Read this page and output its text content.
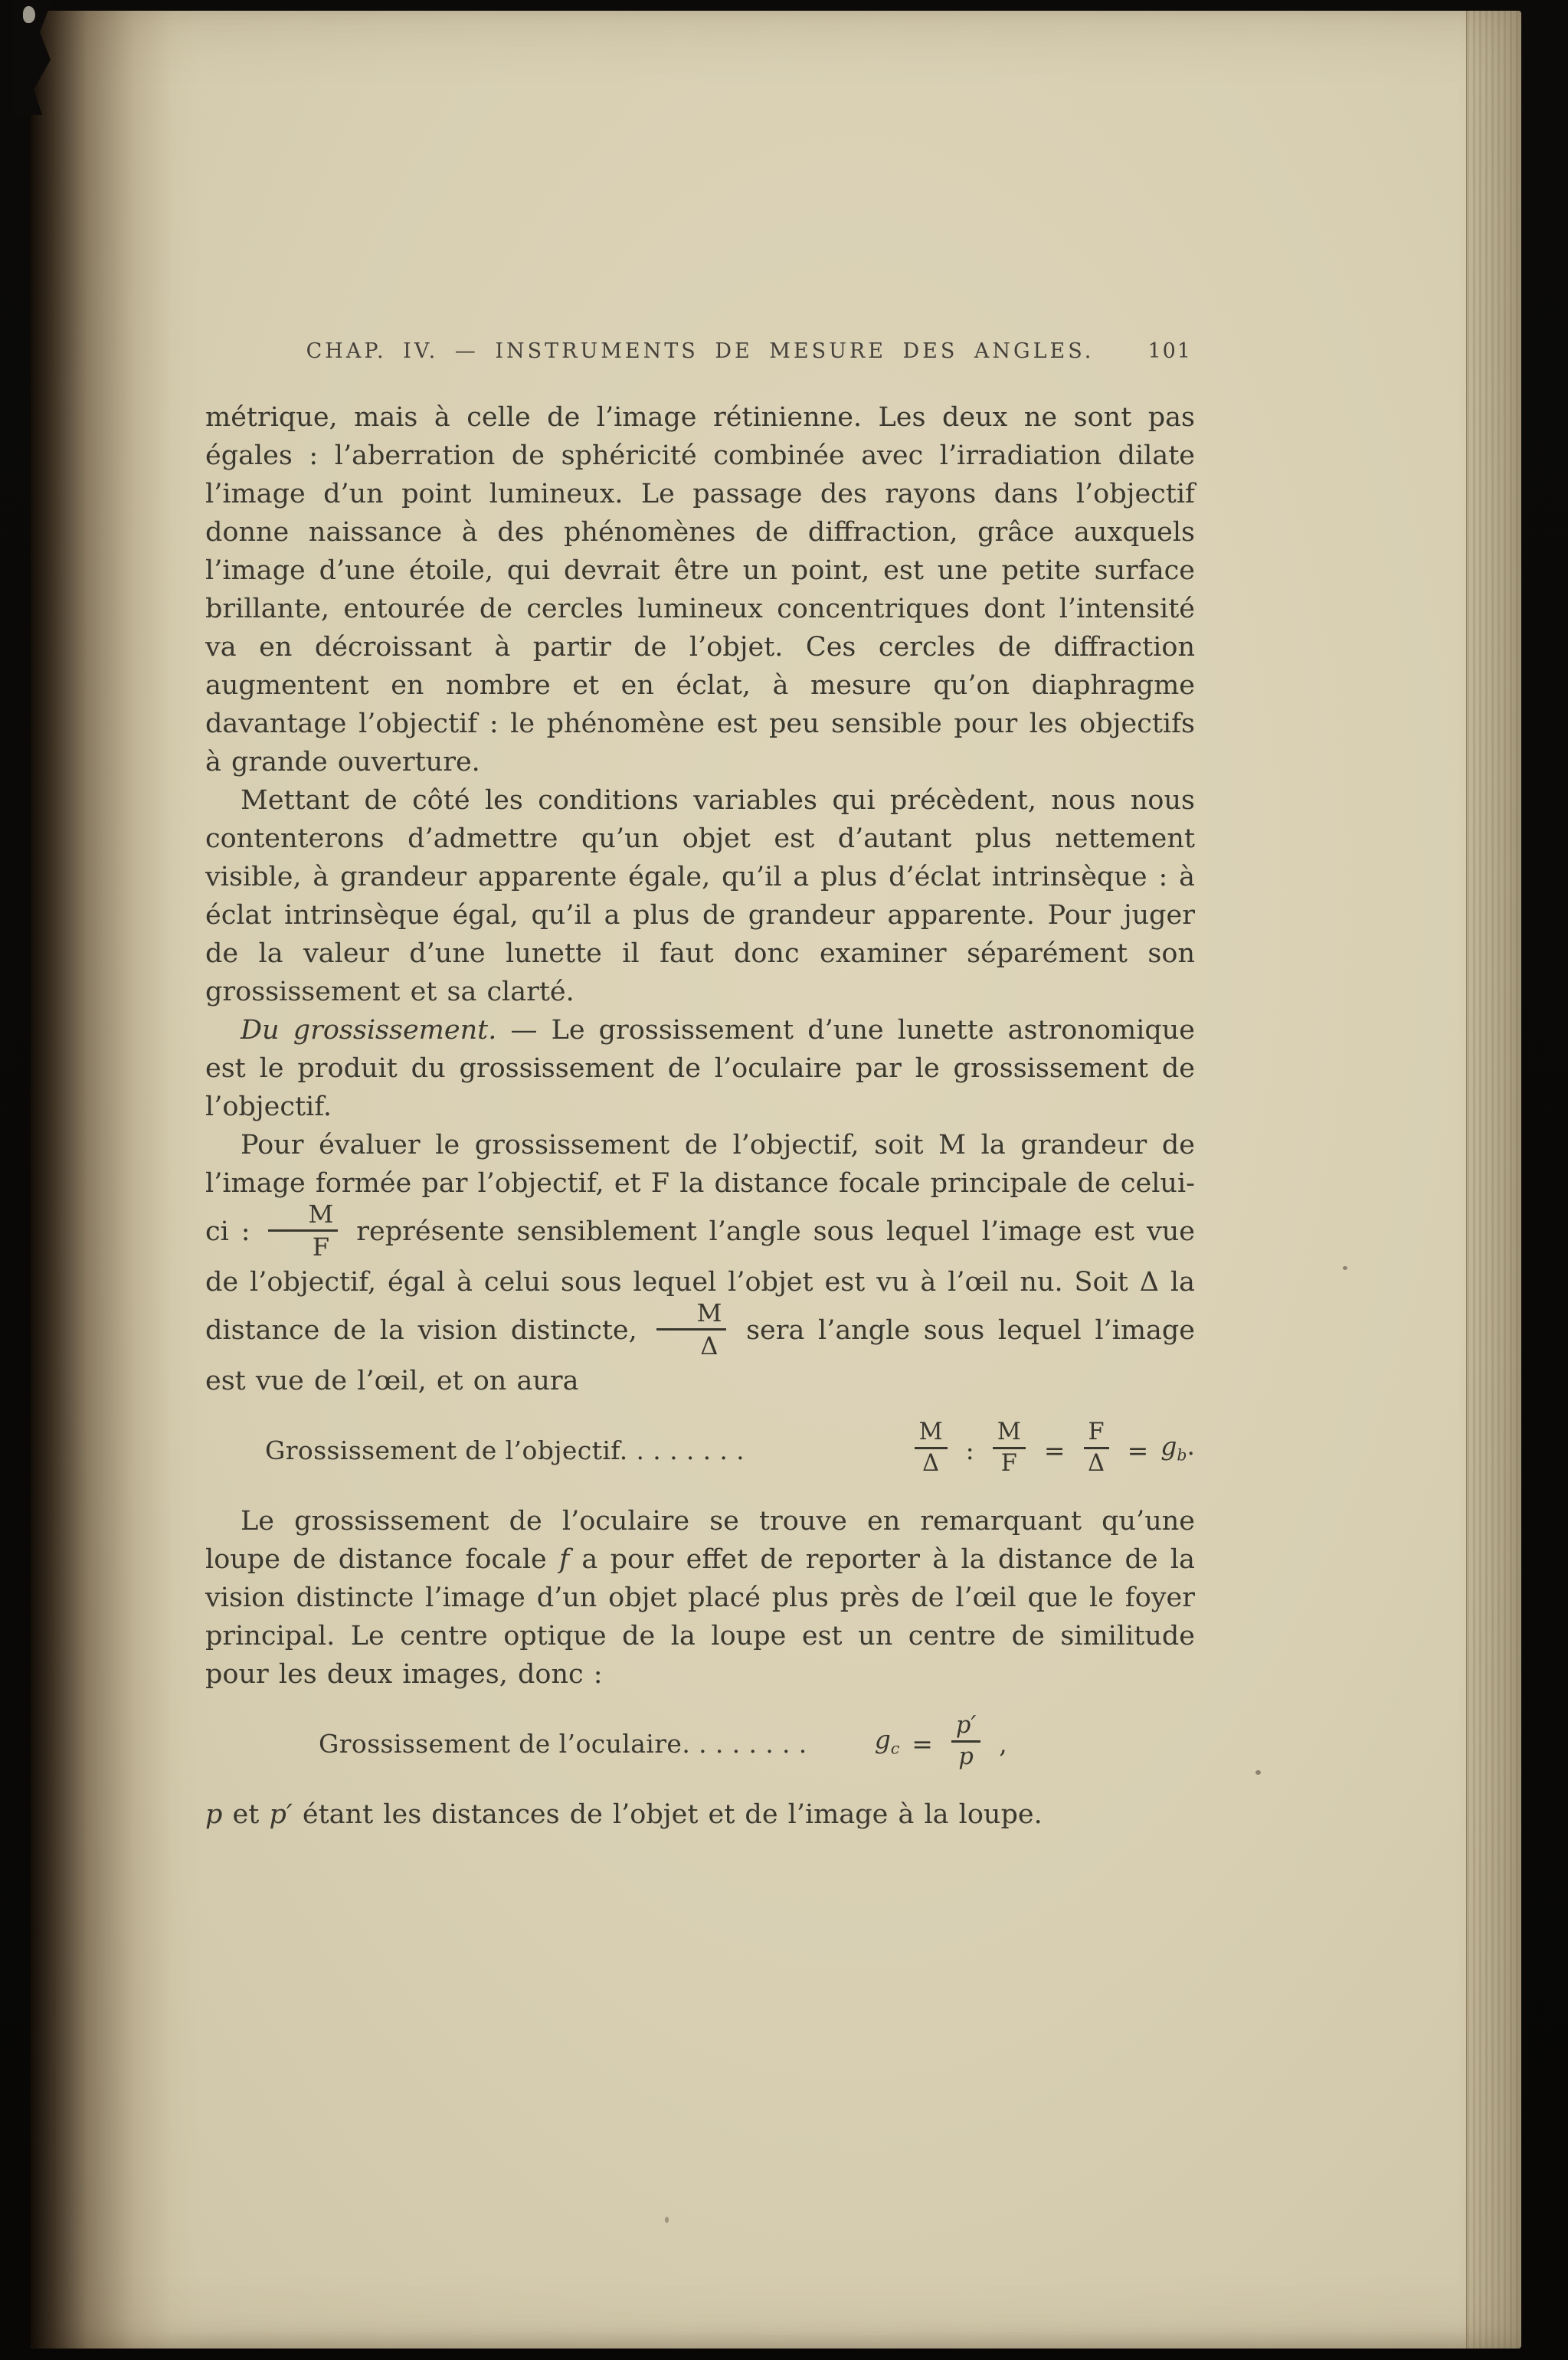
CHAP. IV. — INSTRUMENTS DE MESURE DES ANGLES.	101

métrique, mais à celle de l’image rétinienne. Les deux ne sont pas égales : l’aberration de sphéricité combinée avec l’irradiation dilate l’image d’un point lumineux. Le passage des rayons dans l’objectif donne naissance à des phénomènes de diffraction, grâce auxquels l’image d’une étoile, qui devrait être un point, est une petite surface brillante, entourée de cercles lumineux concentriques dont l’intensité va en décroissant à partir de l’objet. Ces cercles de diffraction augmentent en nombre et en éclat, à mesure qu’on diaphragme davantage l’objectif : le phénomène est peu sensible pour les objectifs à grande ouverture.

Mettant de côté les conditions variables qui précèdent, nous nous contenterons d’admettre qu’un objet est d’autant plus nettement visible, à grandeur apparente égale, qu’il a plus d’éclat intrinsèque : à éclat intrinsèque égal, qu’il a plus de grandeur apparente. Pour juger de la valeur d’une lunette il faut donc examiner séparément son grossissement et sa clarté.

Du grossissement. — Le grossissement d’une lunette astronomique est le produit du grossissement de l’oculaire par le grossissement de l’objectif.

Pour évaluer le grossissement de l’objectif, soit M la grandeur de l’image formée par l’objectif, et F la distance focale principale de celui-ci : $\frac{M}{F}$ représente sensiblement l’angle sous lequel l’image est vue de l’objectif, égal à celui sous lequel l’objet est vu à l’œil nu. Soit Δ la distance de la vision distincte, $\frac{M}{\Delta}$ sera l’angle sous lequel l’image est vue de l’œil, et on aura

Grossissement de l’objectif. . . . . . . .	$\frac{M}{\Delta}$ : $\frac{M}{F} = \frac{F}{\Delta} = g_b$.

Le grossissement de l’oculaire se trouve en remarquant qu’une loupe de distance focale f a pour effet de reporter à la distance de la vision distincte l’image d’un objet placé plus près de l’œil que le foyer principal. Le centre optique de la loupe est un centre de similitude pour les deux images, donc :

Grossissement de l’oculaire. . . . . . . .	$g_c = \frac{p'}{p}$ ,

p et p′ étant les distances de l’objet et de l’image à la loupe.
